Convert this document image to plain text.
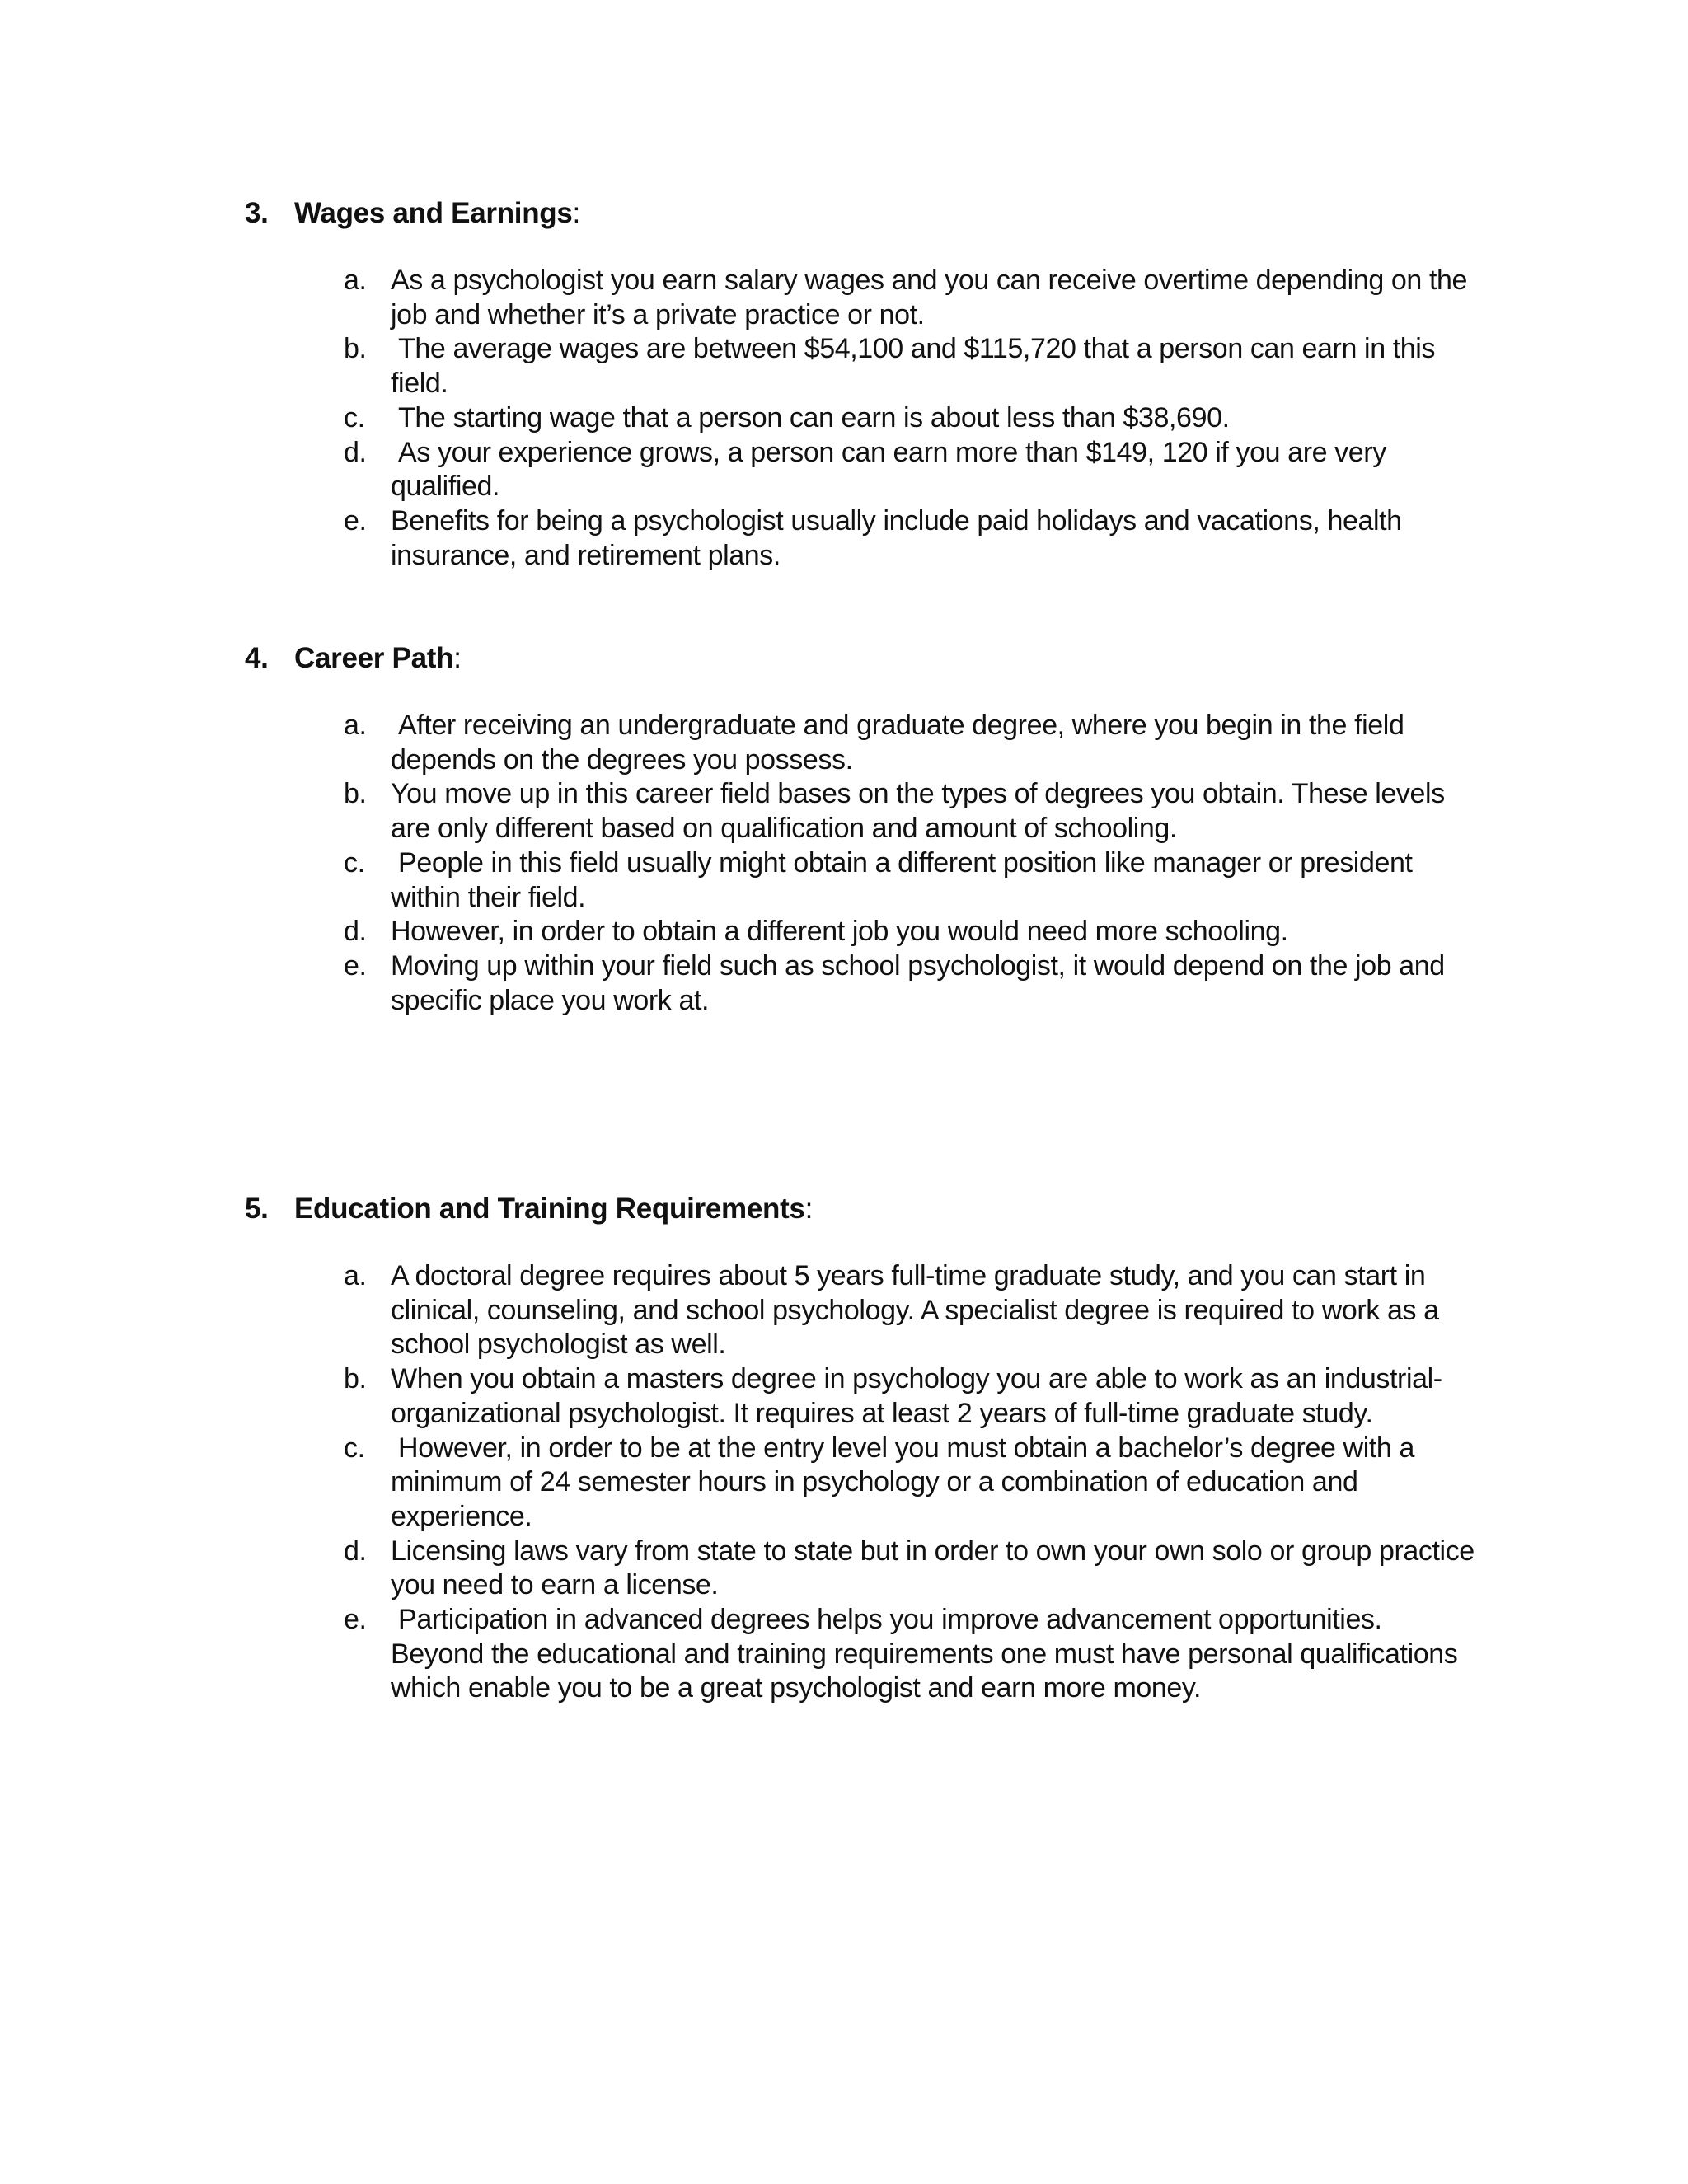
3. Wages and Earnings :
a. As a psychologist you earn salary wages and you can receive overtime depending on the job and whether it’s a private practice or not.
b. The average wages are between $54,100 and $115,720 that a person can earn in this field.
c. The starting wage that a person can earn is about less than $38,690.
d. As your experience grows, a person can earn more than $149, 120 if you are very qualified.
e. Benefits for being a psychologist usually include paid holidays and vacations, health insurance, and retirement plans.
4. Career Path :
a. After receiving an undergraduate and graduate degree, where you begin in the field depends on the degrees you possess.
b. You move up in this career field bases on the types of degrees you obtain. These levels are only different based on qualification and amount of schooling.
c. People in this field usually might obtain a different position like manager or president within their field.
d. However, in order to obtain a different job you would need more schooling.
e. Moving up within your field such as school psychologist, it would depend on the job and specific place you work at.
5. Education and Training Requirements :
a. A doctoral degree requires about 5 years full-time graduate study, and you can start in clinical, counseling, and school psychology. A specialist degree is required to work as a school psychologist as well.
b. When you obtain a masters degree in psychology you are able to work as an industrial-organizational psychologist. It requires at least 2 years of full-time graduate study.
c. However, in order to be at the entry level you must obtain a bachelor’s degree with a minimum of 24 semester hours in psychology or a combination of education and experience.
d. Licensing laws vary from state to state but in order to own your own solo or group practice you need to earn a license.
e. Participation in advanced degrees helps you improve advancement opportunities. Beyond the educational and training requirements one must have personal qualifications which enable you to be a great psychologist and earn more money.
